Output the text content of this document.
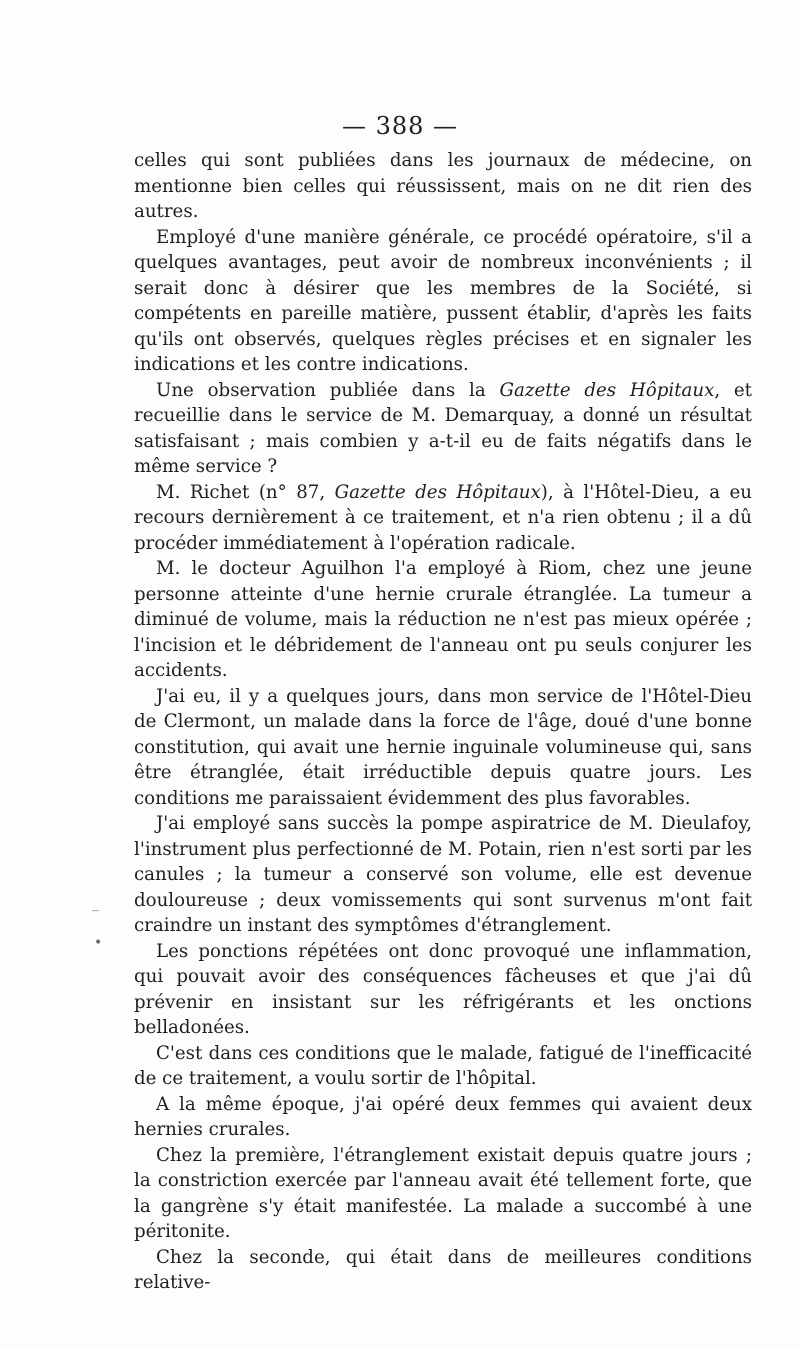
— 388 —

celles qui sont publiées dans les journaux de médecine, on mentionne bien celles qui réussissent, mais on ne dit rien des autres.

Employé d'une manière générale, ce procédé opératoire, s'il a quelques avantages, peut avoir de nombreux inconvénients ; il serait donc à désirer que les membres de la Société, si compétents en pareille matière, pussent établir, d'après les faits qu'ils ont observés, quelques règles précises et en signaler les indications et les contre indications.

Une observation publiée dans la Gazette des Hôpitaux, et recueillie dans le service de M. Demarquay, a donné un résultat satisfaisant ; mais combien y a-t-il eu de faits négatifs dans le même service ?

M. Richet (n° 87, Gazette des Hôpitaux), à l'Hôtel-Dieu, a eu recours dernièrement à ce traitement, et n'a rien obtenu ; il a dû procéder immédiatement à l'opération radicale.

M. le docteur Aguilhon l'a employé à Riom, chez une jeune personne atteinte d'une hernie crurale étranglée. La tumeur a diminué de volume, mais la réduction ne n'est pas mieux opérée ; l'incision et le débridement de l'anneau ont pu seuls conjurer les accidents.

J'ai eu, il y a quelques jours, dans mon service de l'Hôtel-Dieu de Clermont, un malade dans la force de l'âge, doué d'une bonne constitution, qui avait une hernie inguinale volumineuse qui, sans être étranglée, était irréductible depuis quatre jours. Les conditions me paraissaient évidemment des plus favorables.

J'ai employé sans succès la pompe aspiratrice de M. Dieulafoy, l'instrument plus perfectionné de M. Potain, rien n'est sorti par les canules ; la tumeur a conservé son volume, elle est devenue douloureuse ; deux vomissements qui sont survenus m'ont fait craindre un instant des symptômes d'étranglement.

Les ponctions répétées ont donc provoqué une inflammation, qui pouvait avoir des conséquences fâcheuses et que j'ai dû prévenir en insistant sur les réfrigérants et les onctions belladonées.

C'est dans ces conditions que le malade, fatigué de l'inefficacité de ce traitement, a voulu sortir de l'hôpital.

A la même époque, j'ai opéré deux femmes qui avaient deux hernies crurales.

Chez la première, l'étranglement existait depuis quatre jours ; la constriction exercée par l'anneau avait été tellement forte, que la gangrène s'y était manifestée. La malade a succombé à une péritonite.

Chez la seconde, qui était dans de meilleures conditions relative-

_
•
